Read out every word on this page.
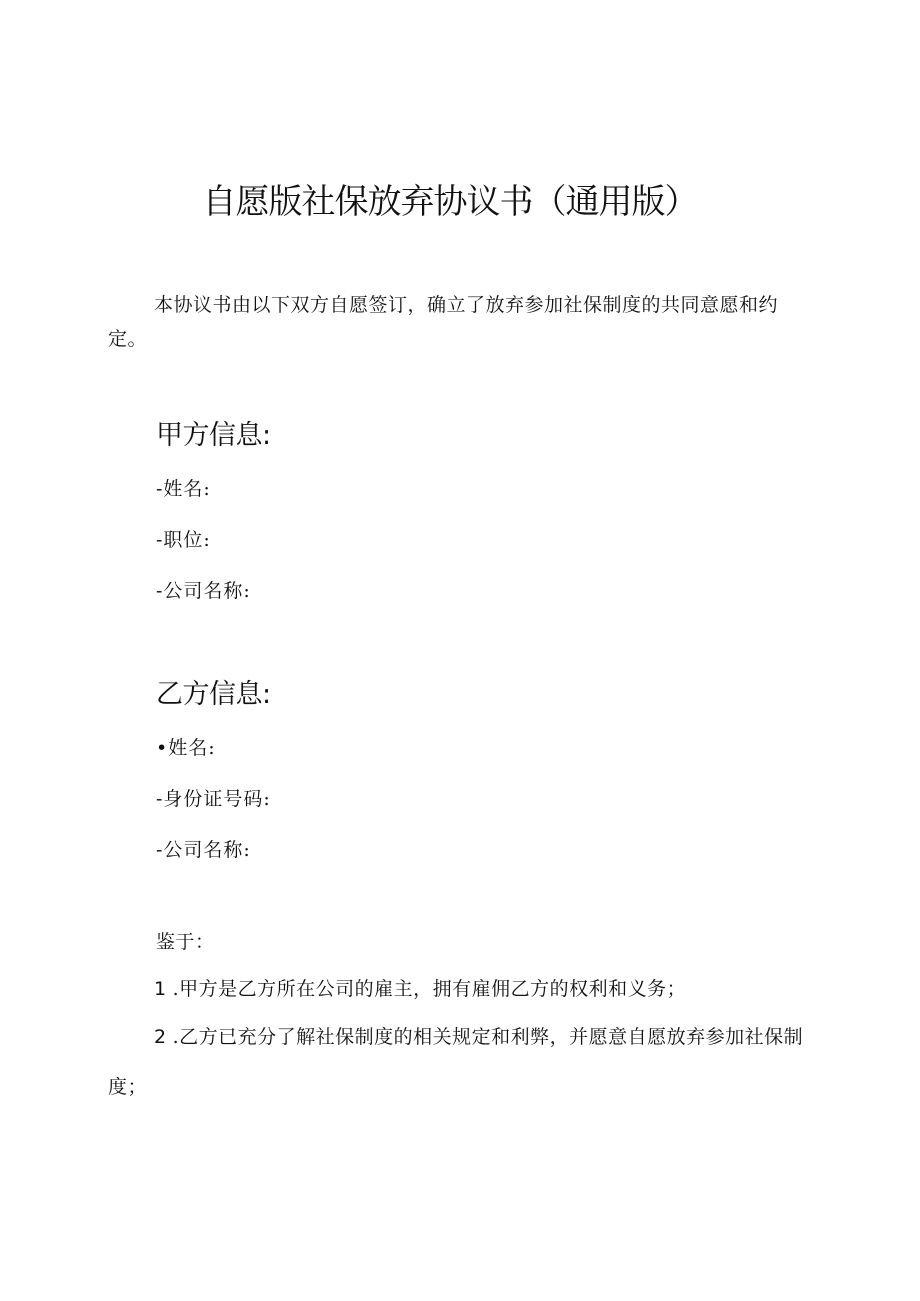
自愿版社保放弃协议书（通用版）
本协议书由以下双方自愿签订，确立了放弃参加社保制度的共同意愿和约定。
甲方信息:
-姓名:
-职位:
-公司名称:
乙方信息:
•姓名:
-身份证号码:
-公司名称:
鉴于：
1 .甲方是乙方所在公司的雇主，拥有雇佣乙方的权利和义务；
2 .乙方已充分了解社保制度的相关规定和利弊，并愿意自愿放弃参加社保制度；
